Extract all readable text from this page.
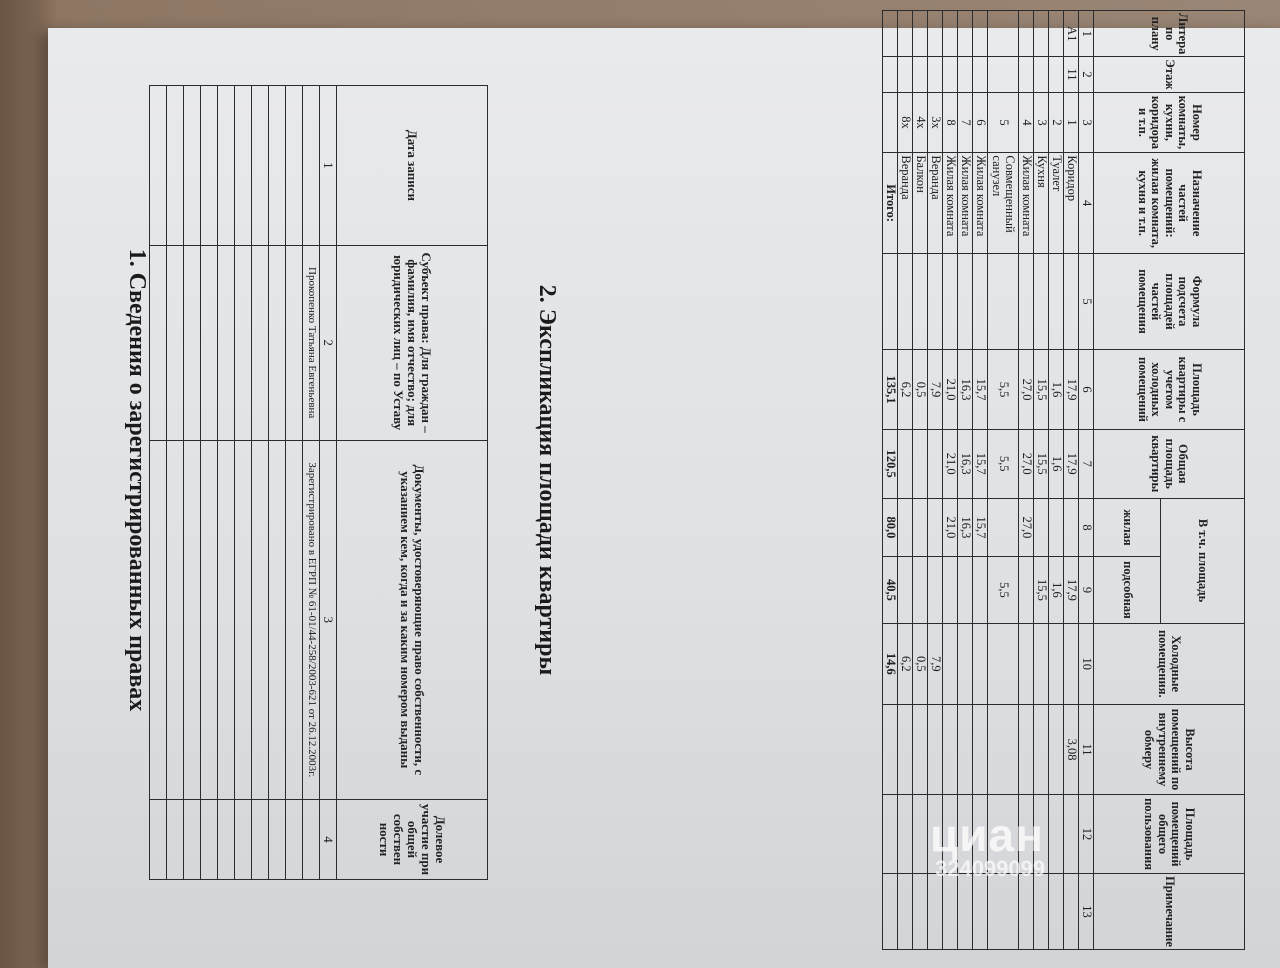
1. Сведения о зарегистрированных правах
Дата записи	Субъект права: Для граждан – фамилия, имя отчество; для юридических лиц – по Уставу	Документы, удостоверяющие право собственности, с указанием кем, когда и за каким номером выданы	Долевое участие при общей собствен ности
1	2	3	4
	Прокопенко Татьяна Евгеньевна	Зарегистрировано в ЕГРП № 61-01/44-258/2003-621 от 26.12.2003г.	

				2. Экспликация площади квартиры
Литера по плану	Этаж	Номер комнаты, кухни, коридора и т.п.	Назначение частей помещений: жилая комната, кухня и т.п.	Формула подсчета площадей частей помещения	Площадь квартиры с учетом холодных помещений	Общая площадь квартиры	В т.ч. площадь		Холодные помещения.	Высота помещений по внутреннему обмеру	Площадь помещений общего пользования	Примечание
							жилая	подсобная				
1	2	3	4	5	6	7	8	9	10	11	12	13
А1	11	1	Коридор		17,9	17,9		17,9		3,08		
		2	Туалет		1,6	1,6		1,6				
		3	Кухня		15,5	15,5		15,5				
		4	Жилая комната		27,0	27,0	27,0					
		5	Совмещенный санузел		5,5	5,5		5,5				
		6	Жилая комната		15,7	15,7	15,7					
		7	Жилая комната		16,3	16,3	16,3					
		8	Жилая комната		21,0	21,0	21,0					
		3х	Веранда		7,9				7,9			
		4х	Балкон		0,5				0,5			
		8х	Веранда		6,2				6,2			
			Итого:		135,1	120,5	80,0	40,5	14,6			
циан
324099099
